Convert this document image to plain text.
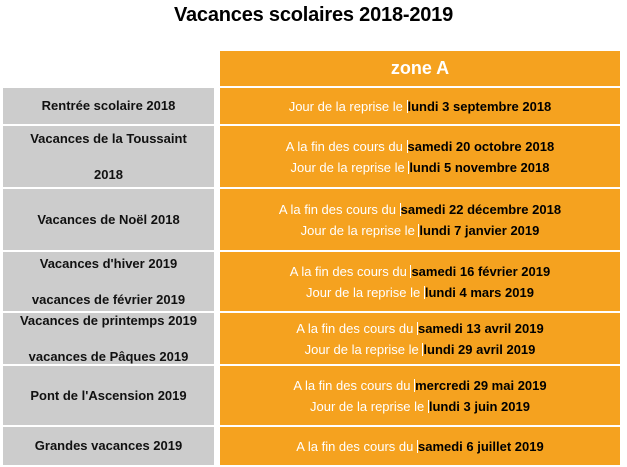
Vacances scolaires 2018-2019
zone A
Rentrée scolaire 2018	Jour de la reprise le lundi 3 septembre 2018
Vacances de la Toussaint

2018
A la fin des cours du samedi 20 octobre 2018
Jour de la reprise le lundi 5 novembre 2018
Vacances de Noël 2018
A la fin des cours du samedi 22 décembre 2018
Jour de la reprise le lundi 7 janvier 2019
Vacances d'hiver 2019

vacances de février 2019
A la fin des cours du samedi 16 février 2019
Jour de la reprise le lundi 4 mars 2019
Vacances de printemps 2019

vacances de Pâques 2019
A la fin des cours du samedi 13 avril 2019
Jour de la reprise le lundi 29 avril 2019
Pont de l'Ascension 2019
A la fin des cours du mercredi 29 mai 2019
Jour de la reprise le lundi 3 juin 2019
Grandes vacances 2019	A la fin des cours du samedi 6 juillet 2019
